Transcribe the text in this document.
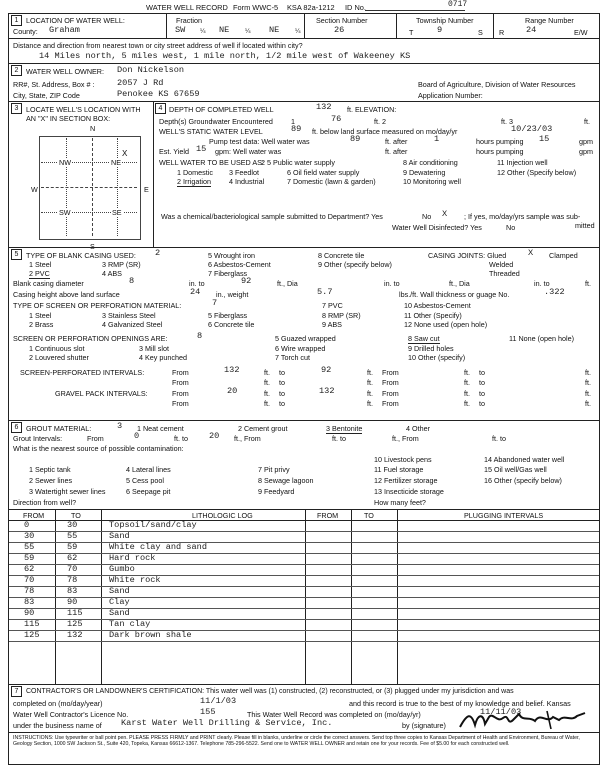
WATER WELL RECORD Form WWC-5 KSA 82a-1212 ID No.	0717
1	LOCATION OF WATER WELL:
County: Graham
Fraction
SW ¼ NE ¼ NE ¼
Section Number
26
Township Number
T	9	S
Range Number
R	24	E/W
Distance and direction from nearest town or city street address of well if located within city?
14 Miles north, 5 miles west, 1 mile north, 1/2 mile west of Wakeeney KS
2	WATER WELL OWNER: Don Nickelson
RR#, St. Address, Box # :	2057 J Rd
City, State, ZIP Code	Penokee KS 67659
Board of Agriculture, Division of Water Resources
Application Number:
3	LOCATE WELL'S LOCATION WITH
AN "X" IN SECTION BOX:
N
S
W	E
NW	NE
SW	SE
X
4 DEPTH OF COMPLETED WELL	132 ft. ELEVATION:
Depth(s) Groundwater Encountered	1	76	ft. 2	ft. 3	ft.
WELL'S STATIC WATER LEVEL	89 ft. below land surface measured on mo/day/yr	10/23/03
Pump test data: Well water was	89	ft. after	1	hours pumping 15	gpm
Est. Yield 15 gpm: Well water was	ft. after	hours pumping	gpm
WELL WATER TO BE USED AS:
2 5 Public water supply	8 Air conditioning	11 Injection well
1 Domestic 3 Feedlot	6 Oil field water supply	9 Dewatering	12 Other (Specify below)
2 Irrigation	4 Industrial	7 Domestic (lawn & garden)	10 Monitoring well
Was a chemical/bacteriological sample submitted to Department? Yes	No X ; If yes, mo/day/yrs sample was sub-
mitted
Water Well Disinfected? Yes	No
5	TYPE OF BLANK CASING USED: 2	5 Wrought iron	8 Concrete tile	CASING JOINTS: Glued	X Clamped
1 Steel	3 RMP (SR)	6 Asbestos-Cement	9 Other (specify below)	Welded
2 PVC	4 ABS	7 Fiberglass	Threaded
Blank casing diameter	8	in. to	92	ft., Dia	in. to	ft., Dia	in. to	ft.
Casing height above land surface	24 in., weight	5.7	lbs./ft. Wall thickness or guage No.	.322
TYPE OF SCREEN OR PERFORATION MATERIAL:	7	7 PVC	10 Asbestos-Cement
1 Steel	3 Stainless Steel	5 Fiberglass	8 RMP (SR)	11 Other (Specify)
2 Brass	4 Galvanized Steel	6 Concrete tile	9 ABS	12 None used (open hole)
SCREEN OR PERFORATION OPENINGS ARE:	8	5 Guazed wrapped	8 Saw cut	11 None (open hole)
1 Continuous slot	3 Mill slot	6 Wire wrapped	9 Drilled holes
2 Louvered shutter	4 Key punched	7 Torch cut	10 Other (specify)
SCREEN-PERFORATED INTERVALS:	From	132	ft. to	92	ft. From	ft. to	ft.
From	ft. to	ft. From	ft. to	ft.
GRAVEL PACK INTERVALS:	From	20	ft. to	132	ft. From	ft. to	ft.
From	ft. to	ft. From	ft. to	ft.
6	GROUT MATERIAL:	3 1 Neat cement	2 Cement grout	3 Bentonite	4 Other
Grout Intervals:	From	0	ft. to 20 ft., From	ft. to	ft., From	ft. to
What is the nearest source of possible contamination:
10 Livestock pens	14 Abandoned water well
1 Septic tank	4 Lateral lines	7 Pit privy	11 Fuel storage	15 Oil well/Gas well
2 Sewer lines	5 Cess pool	8 Sewage lagoon	12 Fertilizer storage	16 Other (specify below)
3 Watertight sewer lines	6 Seepage pit	9 Feedyard	13 Insecticide storage
Direction from well?	How many feet?
FROM	TO	LITHOLOGIC LOG	FROM	TO	PLUGGING INTERVALS
0	30	Topsoil/sand/clay
30	55	Sand
55	59	White clay and sand
59	62	Hard rock
62	70	Gumbo
70	78	White rock
78	83	Sand
83	90	Clay
90	115	Sand
115	125	Tan clay
125	132	Dark brown shale
7	CONTRACTOR'S OR LANDOWNER'S CERTIFICATION: This water well was (1) constructed, (2) reconstructed, or (3) plugged under my jurisdiction and was
completed on (mo/day/year)	11/1/03	and this record is true to the best of my knowledge and belief. Kansas
Water Well Contractor's Licence No.	155	This Water Well Record was completed on (mo/day/yr)	11/11/03
under the business name of Karst Water Well Drilling & Service, Inc.	by (signature)
INSTRUCTIONS: Use typewriter or ball point pen. PLEASE PRESS FIRMLY and PRINT clearly. Please fill in blanks, underline or circle the correct answers. Send top three copies to Kansas Department of Health and Environment, Bureau of Water, Geology Section, 1000 SW Jackson St., Suite 420, Topeka, Kansas 66612-1367. Telephone 785-296-5522. Send one to WATER WELL OWNER and retain one for your records. Fee of $5.00 for each constructed well.
